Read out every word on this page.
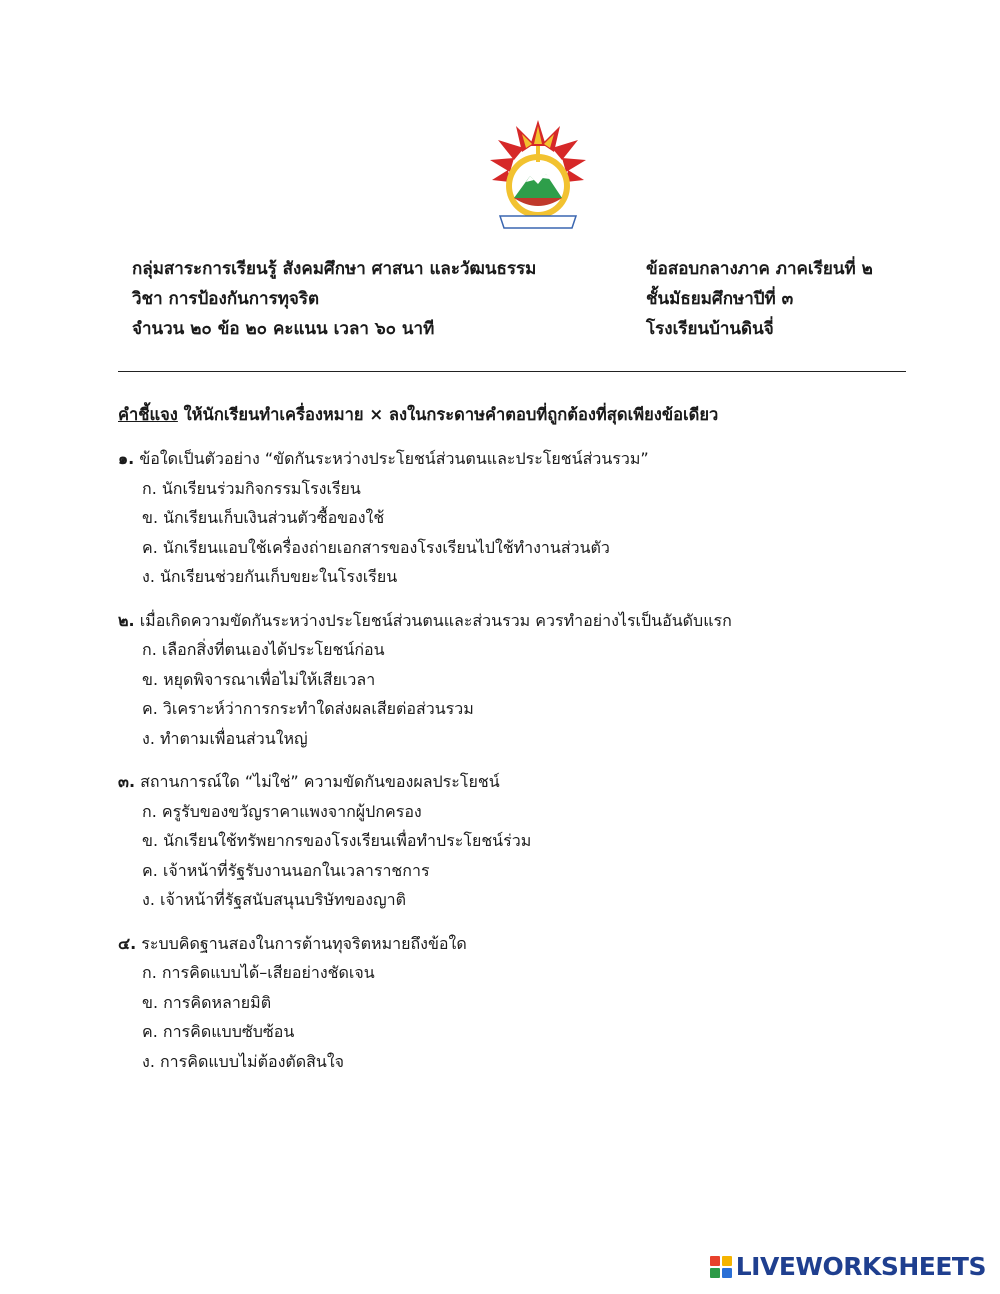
กลุ่มสาระการเรียนรู้ สังคมศึกษา ศาสนา และวัฒนธรรม
วิชา การป้องกันการทุจริต
จำนวน ๒๐ ข้อ ๒๐ คะแนน เวลา ๖๐ นาที
ข้อสอบกลางภาค ภาคเรียนที่ ๒
ชั้นมัธยมศึกษาปีที่ ๓
โรงเรียนบ้านดินจี่
คำชี้แจง ให้นักเรียนทำเครื่องหมาย × ลงในกระดาษคำตอบที่ถูกต้องที่สุดเพียงข้อเดียว
๑. ข้อใดเป็นตัวอย่าง “ขัดกันระหว่างประโยชน์ส่วนตนและประโยชน์ส่วนรวม”
ก. นักเรียนร่วมกิจกรรมโรงเรียน
ข. นักเรียนเก็บเงินส่วนตัวซื้อของใช้
ค. นักเรียนแอบใช้เครื่องถ่ายเอกสารของโรงเรียนไปใช้ทำงานส่วนตัว
ง. นักเรียนช่วยกันเก็บขยะในโรงเรียน
๒. เมื่อเกิดความขัดกันระหว่างประโยชน์ส่วนตนและส่วนรวม ควรทำอย่างไรเป็นอันดับแรก
ก. เลือกสิ่งที่ตนเองได้ประโยชน์ก่อน
ข. หยุดพิจารณาเพื่อไม่ให้เสียเวลา
ค. วิเคราะห์ว่าการกระทำใดส่งผลเสียต่อส่วนรวม
ง. ทำตามเพื่อนส่วนใหญ่
๓. สถานการณ์ใด “ไม่ใช่” ความขัดกันของผลประโยชน์
ก. ครูรับของขวัญราคาแพงจากผู้ปกครอง
ข. นักเรียนใช้ทรัพยากรของโรงเรียนเพื่อทำประโยชน์ร่วม
ค. เจ้าหน้าที่รัฐรับงานนอกในเวลาราชการ
ง. เจ้าหน้าที่รัฐสนับสนุนบริษัทของญาติ
๔. ระบบคิดฐานสองในการต้านทุจริตหมายถึงข้อใด
ก. การคิดแบบได้–เสียอย่างชัดเจน
ข. การคิดหลายมิติ
ค. การคิดแบบซับซ้อน
ง. การคิดแบบไม่ต้องตัดสินใจ
LIVEWORKSHEETS
